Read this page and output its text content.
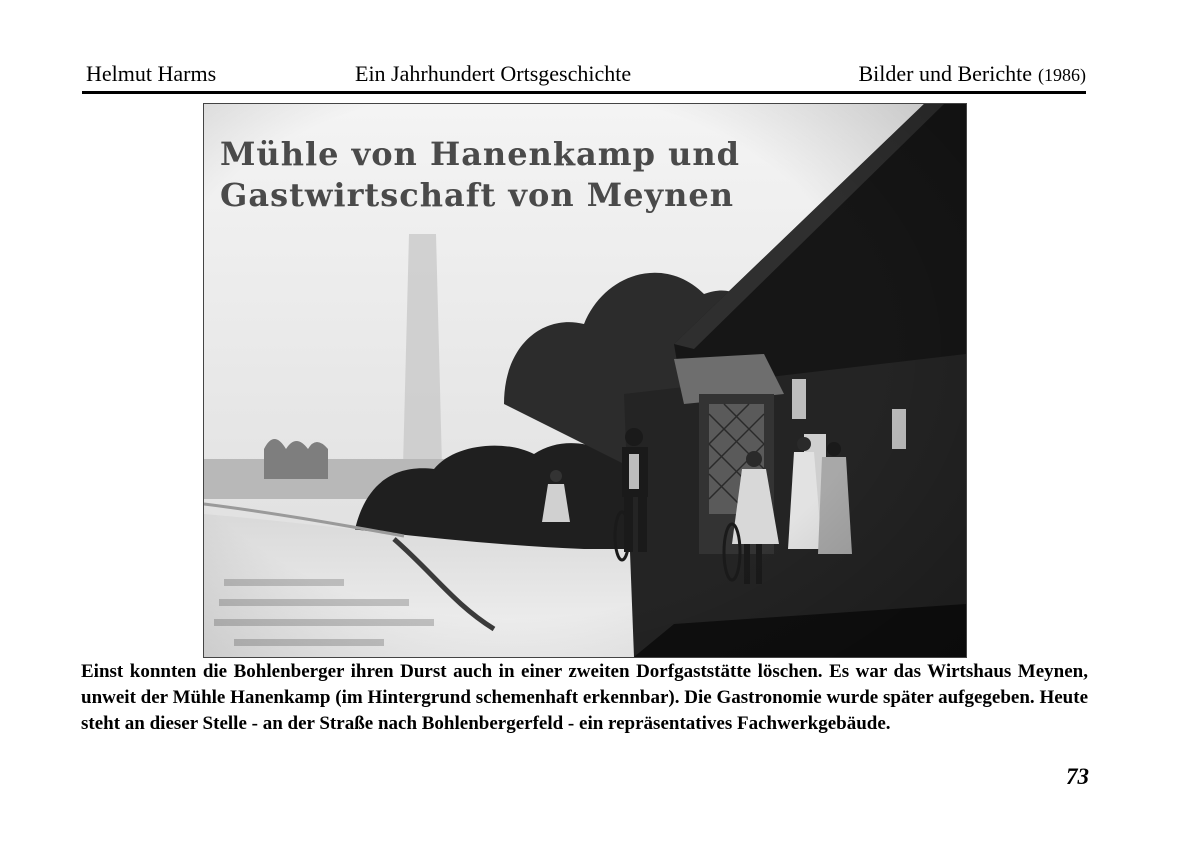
Helmut Harms	Ein Jahrhundert Ortsgeschichte	Bilder und Berichte (1986)
Mühle von Hanenkamp und
Gastwirtschaft von Meynen
Einst konnten die Bohlenberger ihren Durst auch in einer zweiten Dorfgaststätte löschen. Es war das Wirtshaus Meynen, unweit der Mühle Hanenkamp (im Hintergrund schemenhaft erkennbar). Die Gastronomie wurde später aufgegeben. Heute steht an dieser Stelle - an der Straße nach Bohlenbergerfeld - ein repräsentatives Fachwerkgebäude.
73
